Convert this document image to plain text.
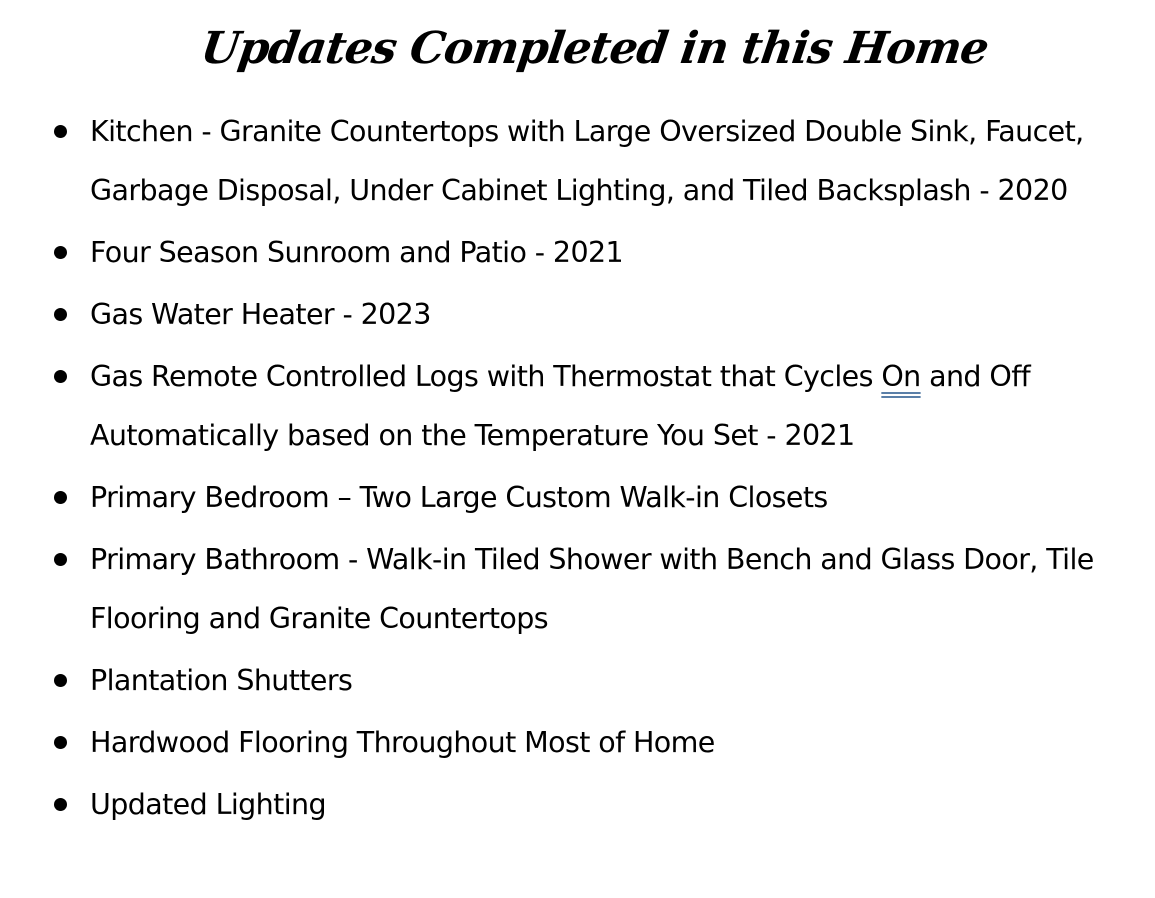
Updates Completed in this Home
Kitchen - Granite Countertops with Large Oversized Double Sink, Faucet, Garbage Disposal, Under Cabinet Lighting, and Tiled Backsplash - 2020
Four Season Sunroom and Patio - 2021
Gas Water Heater - 2023
Gas Remote Controlled Logs with Thermostat that Cycles On and Off Automatically based on the Temperature You Set - 2021
Primary Bedroom – Two Large Custom Walk-in Closets
Primary Bathroom - Walk-in Tiled Shower with Bench and Glass Door, Tile Flooring and Granite Countertops
Plantation Shutters
Hardwood Flooring Throughout Most of Home
Updated Lighting
